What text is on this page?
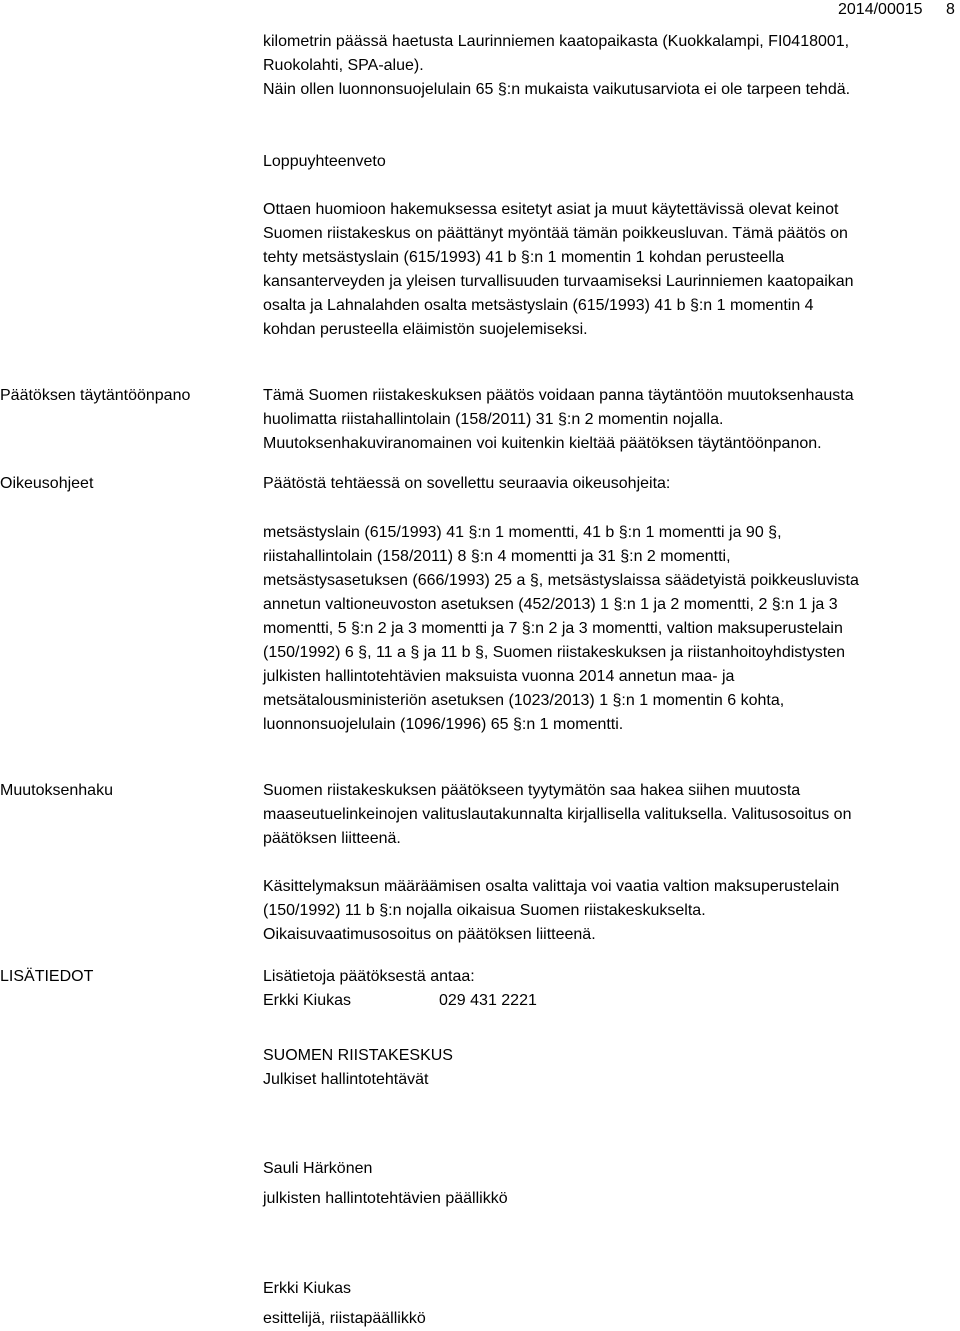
2014/00015 8
kilometrin päässä haetusta Laurinniemen kaatopaikasta (Kuokkalampi, FI0418001,
Ruokolahti, SPA-alue).
Näin ollen luonnonsuojelulain 65 §:n mukaista vaikutusarviota ei ole tarpeen tehdä.
Loppuyhteenveto
Ottaen huomioon hakemuksessa esitetyt asiat ja muut käytettävissä olevat keinot
Suomen riistakeskus on päättänyt myöntää tämän poikkeusluvan. Tämä päätös on
tehty metsästyslain (615/1993) 41 b §:n 1 momentin 1 kohdan perusteella
kansanterveyden ja yleisen turvallisuuden turvaamiseksi Laurinniemen kaatopaikan
osalta ja Lahnalahden osalta metsästyslain (615/1993) 41 b §:n 1 momentin 4
kohdan perusteella eläimistön suojelemiseksi.
Päätöksen täytäntöönpano	Tämä Suomen riistakeskuksen päätös voidaan panna täytäntöön muutoksenhausta
huolimatta riistahallintolain (158/2011) 31 §:n 2 momentin nojalla.
Muutoksenhakuviranomainen voi kuitenkin kieltää päätöksen täytäntöönpanon.
Oikeusohjeet	Päätöstä tehtäessä on sovellettu seuraavia oikeusohjeita:
metsästyslain (615/1993) 41 §:n 1 momentti, 41 b §:n 1 momentti ja 90 §,
riistahallintolain (158/2011) 8 §:n 4 momentti ja 31 §:n 2 momentti,
metsästysasetuksen (666/1993) 25 a §, metsästyslaissa säädetyistä poikkeusluvista
annetun valtioneuvoston asetuksen (452/2013) 1 §:n 1 ja 2 momentti, 2 §:n 1 ja 3
momentti, 5 §:n 2 ja 3 momentti ja 7 §:n 2 ja 3 momentti, valtion maksuperustelain
(150/1992) 6 §, 11 a § ja 11 b §, Suomen riistakeskuksen ja riistanhoitoyhdistysten
julkisten hallintotehtävien maksuista vuonna 2014 annetun maa- ja
metsätalousministeriön asetuksen (1023/2013) 1 §:n 1 momentin 6 kohta,
luonnonsuojelulain (1096/1996) 65 §:n 1 momentti.
Muutoksenhaku	Suomen riistakeskuksen päätökseen tyytymätön saa hakea siihen muutosta
maaseutuelinkeinojen valituslautakunnalta kirjallisella valituksella. Valitusosoitus on
päätöksen liitteenä.
Käsittelymaksun määräämisen osalta valittaja voi vaatia valtion maksuperustelain
(150/1992) 11 b §:n nojalla oikaisua Suomen riistakeskukselta.
Oikaisuvaatimusosoitus on päätöksen liitteenä.
LISÄTIEDOT	Lisätietoja päätöksestä antaa:
Erkki Kiukas	029 431 2221
SUOMEN RIISTAKESKUS
Julkiset hallintotehtävät
Sauli Härkönen
julkisten hallintotehtävien päällikkö
Erkki Kiukas
esittelijä, riistapäällikkö
